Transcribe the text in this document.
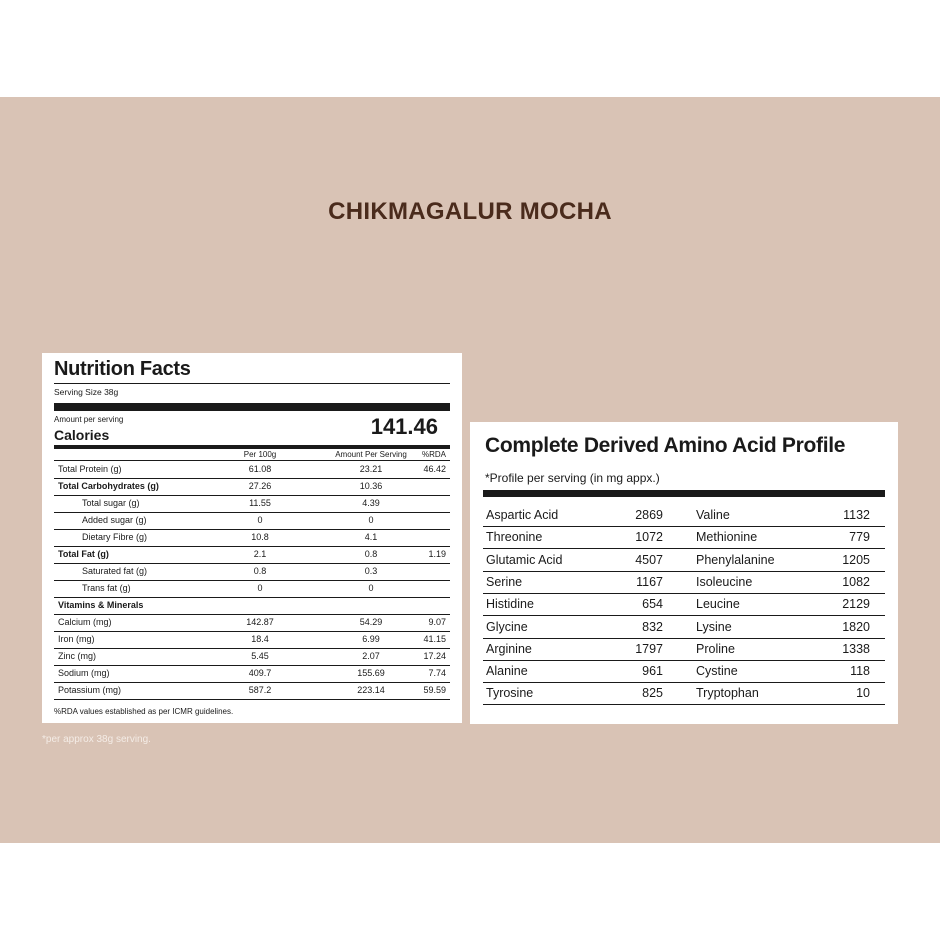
CHIKMAGALUR MOCHA
Nutrition Facts
Serving Size 38g
Amount per serving
Calories	141.46
Per 100g	Amount Per Serving	%RDA
Total Protein (g)	61.08	23.21	46.42
Total Carbohydrates (g)	27.26	10.36
Total sugar (g)	11.55	4.39
Added sugar (g)	0	0
Dietary Fibre (g)	10.8	4.1
Total Fat (g)	2.1	0.8	1.19
Saturated fat (g)	0.8	0.3
Trans fat (g)	0	0
Vitamins & Minerals
Calcium (mg)	142.87	54.29	9.07
Iron (mg)	18.4	6.99	41.15
Zinc (mg)	5.45	2.07	17.24
Sodium (mg)	409.7	155.69	7.74
Potassium (mg)	587.2	223.14	59.59
%RDA values established as per ICMR guidelines.
*per approx 38g serving.
Complete Derived Amino Acid Profile
*Profile per serving (in mg appx.)
Aspartic Acid	2869	Valine	1132
Threonine	1072	Methionine	779
Glutamic Acid	4507	Phenylalanine	1205
Serine	1167	Isoleucine	1082
Histidine	654	Leucine	2129
Glycine	832	Lysine	1820
Arginine	1797	Proline	1338
Alanine	961	Cystine	118
Tyrosine	825	Tryptophan	10
